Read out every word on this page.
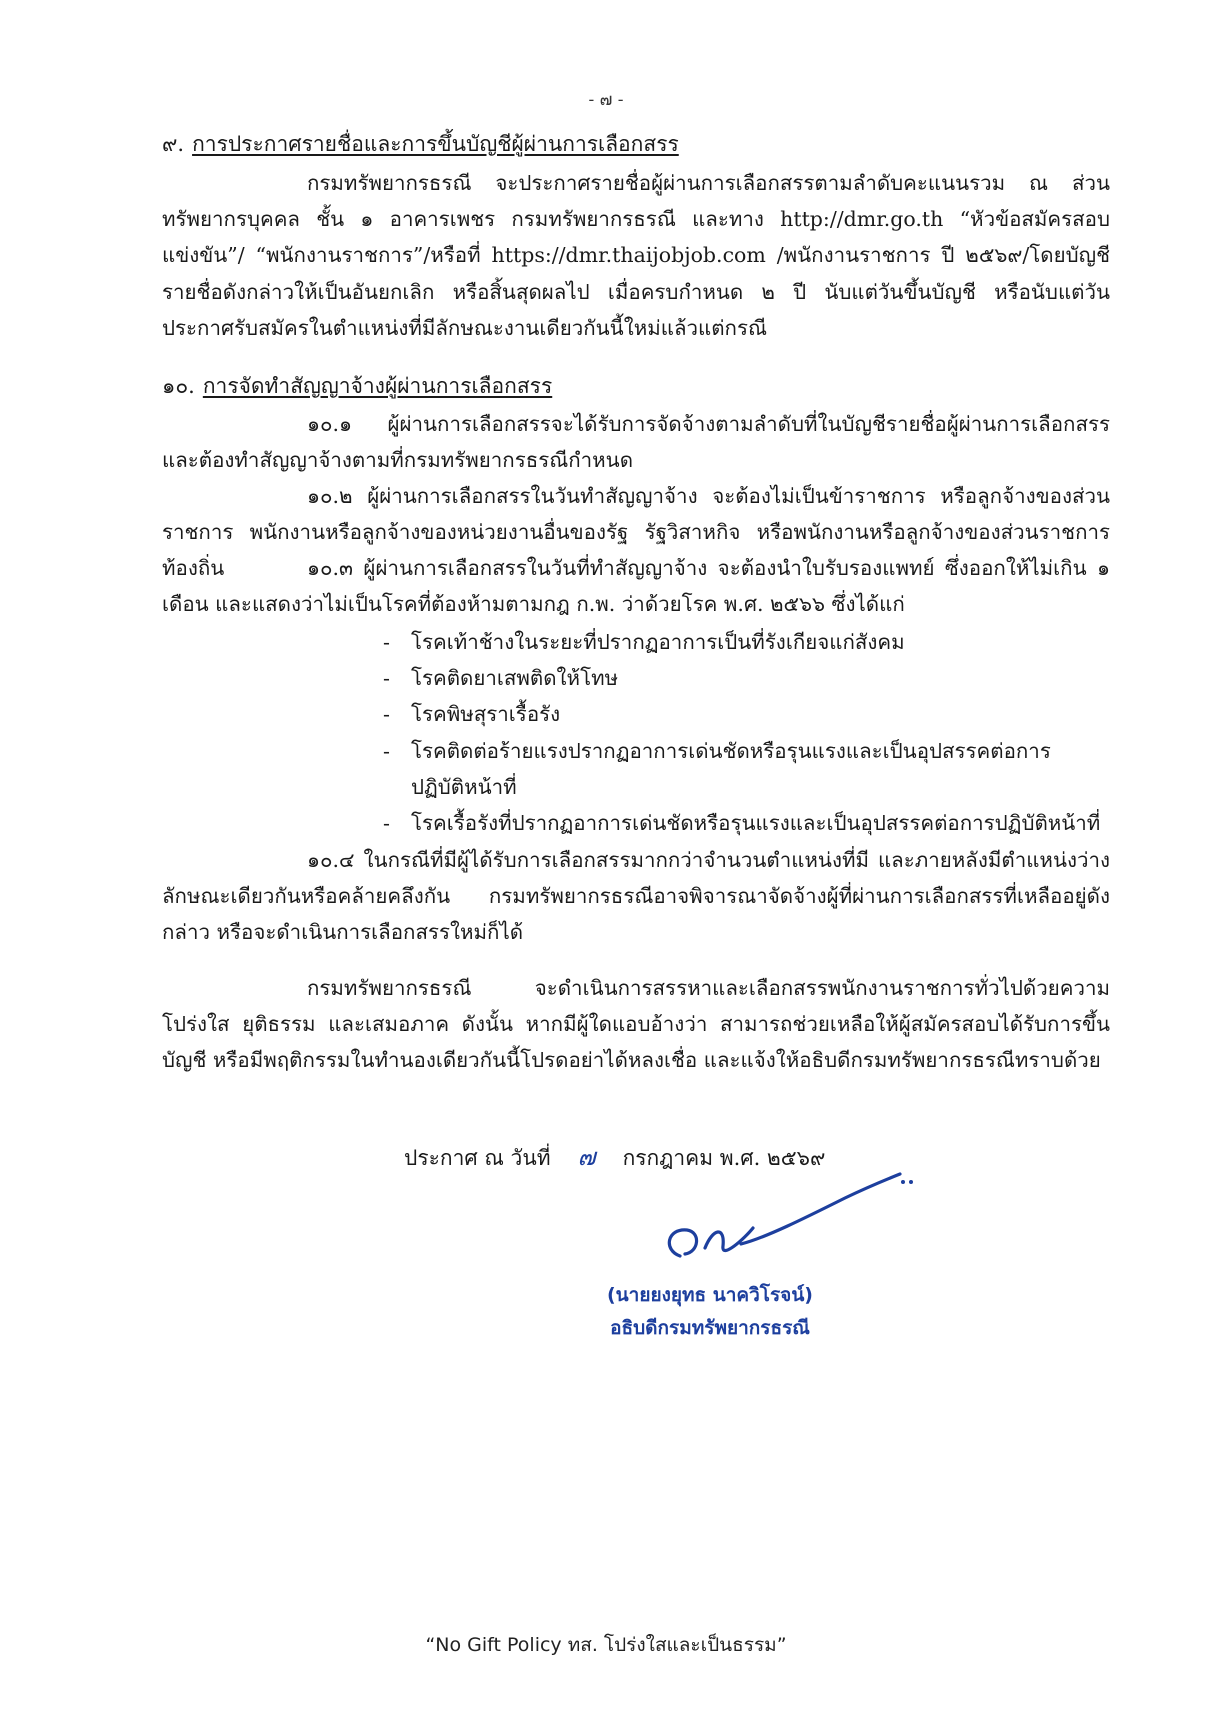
- ๗ -
๙. การประกาศรายชื่อและการขึ้นบัญชีผู้ผ่านการเลือกสรร
กรมทรัพยากรธรณี จะประกาศรายชื่อผู้ผ่านการเลือกสรรตามลำดับคะแนนรวม ณ ส่วนทรัพยากรบุคคล ชั้น ๑ อาคารเพชร กรมทรัพยากรธรณี และทาง http://dmr.go.th “หัวข้อสมัครสอบแข่งขัน”/ “พนักงานราชการ”/หรือที่ https://dmr.thaijobjob.com /พนักงานราชการ ปี ๒๕๖๙/โดยบัญชีรายชื่อดังกล่าวให้เป็นอันยกเลิก หรือสิ้นสุดผลไป เมื่อครบกำหนด ๒ ปี นับแต่วันขึ้นบัญชี หรือนับแต่วันประกาศรับสมัครในตำแหน่งที่มีลักษณะงานเดียวกันนี้ใหม่แล้วแต่กรณี
๑๐. การจัดทำสัญญาจ้างผู้ผ่านการเลือกสรร
๑๐.๑ ผู้ผ่านการเลือกสรรจะได้รับการจัดจ้างตามลำดับที่ในบัญชีรายชื่อผู้ผ่านการเลือกสรร และต้องทำสัญญาจ้างตามที่กรมทรัพยากรธรณีกำหนด
๑๐.๒ ผู้ผ่านการเลือกสรรในวันทำสัญญาจ้าง จะต้องไม่เป็นข้าราชการ หรือลูกจ้างของส่วนราชการ พนักงานหรือลูกจ้างของหน่วยงานอื่นของรัฐ รัฐวิสาหกิจ หรือพนักงานหรือลูกจ้างของส่วนราชการท้องถิ่น	๑๐.๓ ผู้ผ่านการเลือกสรรในวันที่ทำสัญญาจ้าง จะต้องนำใบรับรองแพทย์ ซึ่งออกให้ไม่เกิน ๑ เดือน และแสดงว่าไม่เป็นโรคที่ต้องห้ามตามกฎ ก.พ. ว่าด้วยโรค พ.ศ. ๒๕๖๖ ซึ่งได้แก่
- โรคเท้าช้างในระยะที่ปรากฏอาการเป็นที่รังเกียจแก่สังคม
- โรคติดยาเสพติดให้โทษ
- โรคพิษสุราเรื้อรัง
- โรคติดต่อร้ายแรงปรากฏอาการเด่นชัดหรือรุนแรงและเป็นอุปสรรคต่อการปฏิบัติหน้าที่
- โรคเรื้อรังที่ปรากฏอาการเด่นชัดหรือรุนแรงและเป็นอุปสรรคต่อการปฏิบัติหน้าที่
๑๐.๔ ในกรณีที่มีผู้ได้รับการเลือกสรรมากกว่าจำนวนตำแหน่งที่มี และภายหลังมีตำแหน่งว่าง ลักษณะเดียวกันหรือคล้ายคลึงกัน กรมทรัพยากรธรณีอาจพิจารณาจัดจ้างผู้ที่ผ่านการเลือกสรรที่เหลืออยู่ดังกล่าว หรือจะดำเนินการเลือกสรรใหม่ก็ได้
กรมทรัพยากรธรณี จะดำเนินการสรรหาและเลือกสรรพนักงานราชการทั่วไปด้วยความโปร่งใส ยุติธรรม และเสมอภาค ดังนั้น หากมีผู้ใดแอบอ้างว่า สามารถช่วยเหลือให้ผู้สมัครสอบได้รับการขึ้นบัญชี หรือมีพฤติกรรมในทำนองเดียวกันนี้โปรดอย่าได้หลงเชื่อ และแจ้งให้อธิบดีกรมทรัพยากรธรณีทราบด้วย
ประกาศ ณ วันที่ ๗ กรกฎาคม พ.ศ. ๒๕๖๙
(นายยงยุทธ นาควิโรจน์)
อธิบดีกรมทรัพยากรธรณี
“No Gift Policy ทส. โปร่งใสและเป็นธรรม”
